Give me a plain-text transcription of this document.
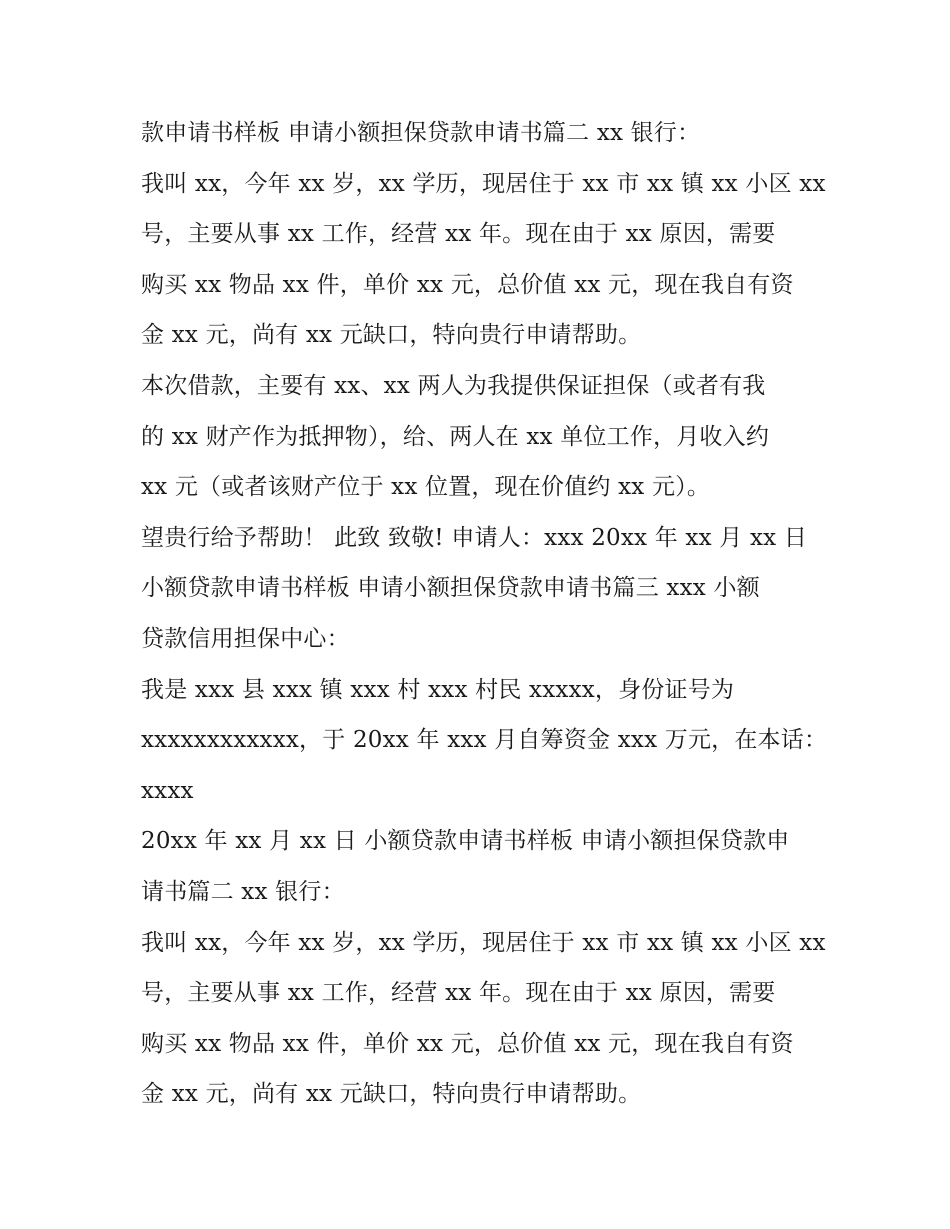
款申请书样板 申请小额担保贷款申请书篇二 xx 银行：
我叫 xx，今年 xx 岁，xx 学历，现居住于 xx 市 xx 镇 xx 小区 xx
号，主要从事 xx 工作，经营 xx 年。现在由于 xx 原因，需要
购买 xx 物品 xx 件，单价 xx 元，总价值 xx 元，现在我自有资
金 xx 元，尚有 xx 元缺口，特向贵行申请帮助。
本次借款，主要有 xx、xx 两人为我提供保证担保（或者有我
的 xx 财产作为抵押物），给、两人在 xx 单位工作，月收入约
xx 元（或者该财产位于 xx 位置，现在价值约 xx 元）。
望贵行给予帮助！ 此致 致敬! 申请人：xxx 20xx 年 xx 月 xx 日
小额贷款申请书样板 申请小额担保贷款申请书篇三 xxx 小额
贷款信用担保中心：
我是 xxx 县 xxx 镇 xxx 村 xxx 村民 xxxxx，身份证号为
xxxxxxxxxxxx，于 20xx 年 xxx 月自筹资金 xxx 万元，在本话：
xxxx
20xx 年 xx 月 xx 日 小额贷款申请书样板 申请小额担保贷款申
请书篇二 xx 银行：
我叫 xx，今年 xx 岁，xx 学历，现居住于 xx 市 xx 镇 xx 小区 xx
号，主要从事 xx 工作，经营 xx 年。现在由于 xx 原因，需要
购买 xx 物品 xx 件，单价 xx 元，总价值 xx 元，现在我自有资
金 xx 元，尚有 xx 元缺口，特向贵行申请帮助。
